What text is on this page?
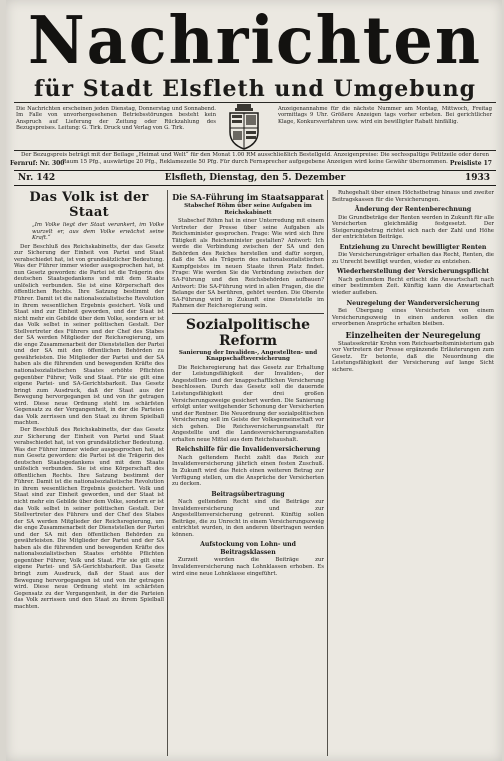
Nachrichten
für Stadt Elsfleth und Umgebung
Die Nachrichten erscheinen jeden Dienstag, Donnerstag und Sonnabend. Im Falle von unvorhergesehenen Betriebsstörungen besteht kein Anspruch auf Lieferung der Zeitung oder Rückzahlung des Bezugspreises. Leitung: G. Tirk. Druck und Verlag von G. Tirk.
Anzeigenannahme für die nächste Nummer am Montag, Mittwoch, Freitag vormittags 9 Uhr. Größere Anzeigen tags vorher erbeten. Bei gerichtlicher Klage, Konkursverfahren usw. wird ein bewilligter Rabatt hinfällig.
Der Bezugspreis beträgt mit der Beilage „Heimat und Welt“ für den Monat 1.00 RM ausschließlich Bestellgeld. Anzeigenpreise: Die sechsspaltige Petitzeile oder deren Raum 15 Pfg., auswärtige 20 Pfg., Reklamezeile 50 Pfg. Für durch Fernsprecher aufgegebene Anzeigen wird keine Gewähr übernommen.
Fernruf: Nr. 300	Preisliste 17
Nr. 142	Elsfleth, Dienstag, den 5. Dezember	1933
Das Volk ist der Staat
„Im Volke liegt der Staat verankert, im Volke wurzelt er, aus dem Volke erwächst seine Kraft.“

Der Beschluß des Reichskabinetts, der das Gesetz zur Sicherung der Einheit von Partei und Staat verabschiedet hat, ist von grundsätzlicher Bedeutung. Was der Führer immer wieder ausgesprochen hat, ist nun Gesetz geworden: die Partei ist die Trägerin des deutschen Staatsgedankens und mit dem Staate unlöslich verbunden. Sie ist eine Körperschaft des öffentlichen Rechts. Ihre Satzung bestimmt der Führer. Damit ist die nationalsozialistische Revolution in ihrem wesentlichen Ergebnis gesichert. Volk und Staat sind zur Einheit geworden, und der Staat ist nicht mehr ein Gebilde über dem Volke, sondern er ist das Volk selbst in seiner politischen Gestalt. Der Stellvertreter des Führers und der Chef des Stabes der SA werden Mitglieder der Reichsregierung, um die enge Zusammenarbeit der Dienststellen der Partei und der SA mit den öffentlichen Behörden zu gewährleisten. Die Mitglieder der Partei und der SA haben als die führenden und bewegenden Kräfte des nationalsozialistischen Staates erhöhte Pflichten gegenüber Führer, Volk und Staat. Für sie gilt eine eigene Partei- und SA-Gerichtsbarkeit. Das Gesetz bringt zum Ausdruck, daß der Staat aus der Bewegung hervorgegangen ist und von ihr getragen wird. Diese neue Ordnung steht im schärfsten Gegensatz zu der Vergangenheit, in der die Parteien das Volk zerrissen und den Staat zu ihrem Spielball machten.

Der Beschluß des Reichskabinetts, der das Gesetz zur Sicherung der Einheit von Partei und Staat verabschiedet hat, ist von grundsätzlicher Bedeutung. Was der Führer immer wieder ausgesprochen hat, ist nun Gesetz geworden: die Partei ist die Trägerin des deutschen Staatsgedankens und mit dem Staate unlöslich verbunden. Sie ist eine Körperschaft des öffentlichen Rechts. Ihre Satzung bestimmt der Führer. Damit ist die nationalsozialistische Revolution in ihrem wesentlichen Ergebnis gesichert. Volk und Staat sind zur Einheit geworden, und der Staat ist nicht mehr ein Gebilde über dem Volke, sondern er ist das Volk selbst in seiner politischen Gestalt. Der Stellvertreter des Führers und der Chef des Stabes der SA werden Mitglieder der Reichsregierung, um die enge Zusammenarbeit der Dienststellen der Partei und der SA mit den öffentlichen Behörden zu gewährleisten. Die Mitglieder der Partei und der SA haben als die führenden und bewegenden Kräfte des nationalsozialistischen Staates erhöhte Pflichten gegenüber Führer, Volk und Staat. Für sie gilt eine eigene Partei- und SA-Gerichtsbarkeit. Das Gesetz bringt zum Ausdruck, daß der Staat aus der Bewegung hervorgegangen ist und von ihr getragen wird. Diese neue Ordnung steht im schärfsten Gegensatz zu der Vergangenheit, in der die Parteien das Volk zerrissen und den Staat zu ihrem Spielball machten.

Die SA-Führung im Staatsapparat
Stabschef Röhm über seine Aufgaben im Reichskabinett

Stabschef Röhm hat in einer Unterredung mit einem Vertreter der Presse über seine Aufgaben als Reichsminister gesprochen. Frage: Wie wird sich Ihre Tätigkeit als Reichsminister gestalten? Antwort: Ich werde die Verbindung zwischen der SA und den Behörden des Reiches herstellen und dafür sorgen, daß die SA als Trägerin des nationalsozialistischen Kampfgeistes im neuen Staate ihren Platz findet. Frage: Wie werden Sie die Verbindung zwischen der SA-Führung und den Reichsbehörden aufbauen? Antwort: Die SA-Führung wird in allen Fragen, die die Belange der SA berühren, gehört werden. Die Oberste SA-Führung wird in Zukunft eine Dienststelle im Rahmen der Reichsregierung sein.

Sozialpolitische Reform
Sanierung der Invaliden-, Angestellten- und Knappschaftsversicherung

Die Reichsregierung hat das Gesetz zur Erhaltung der Leistungsfähigkeit der Invaliden-, der Angestellten- und der knappschaftlichen Versicherung beschlossen. Durch das Gesetz soll die dauernde Leistungsfähigkeit der drei großen Versicherungszweige gesichert werden. Die Sanierung erfolgt unter weitgehender Schonung der Versicherten und der Rentner. Die Neuordnung der sozialpolitischen Versicherung soll im Geiste der Volksgemeinschaft vor sich gehen. Die Reichsversicherungsanstalt für Angestellte und die Landesversicherungsanstalten erhalten neue Mittel aus dem Reichshaushalt.

Reichshilfe für die Invalidenversicherung

Nach geltendem Recht zahlt das Reich zur Invalidenversicherung jährlich einen festen Zuschuß. In Zukunft wird das Reich einen weiteren Betrag zur Verfügung stellen, um die Ansprüche der Versicherten zu decken.

Beitragsübertragung

Nach geltendem Recht sind die Beiträge zur Invalidenversicherung und zur Angestelltenversicherung getrennt. Künftig sollen Beiträge, die zu Unrecht in einem Versicherungszweig entrichtet wurden, in den anderen übertragen werden können.

Aufstockung von Lohn- und Beitragsklassen

Zurzeit werden die Beiträge zur Invalidenversicherung nach Lohnklassen erhoben. Es wird eine neue Lohnklasse eingeführt.

Ruhegehalt über einen Höchstbetrag hinaus und zweiter Beitragskassen für die Versicherungen.

Änderung der Rentenberechnung

Die Grundbeträge der Renten werden in Zukunft für alle Versicherten gleichmäßig festgesetzt. Der Steigerungsbetrag richtet sich nach der Zahl und Höhe der entrichteten Beiträge.

Entziehung zu Unrecht bewilligter Renten

Die Versicherungsträger erhalten das Recht, Renten, die zu Unrecht bewilligt wurden, wieder zu entziehen.

Wiederherstellung der Versicherungspflicht

Nach geltendem Recht erlischt die Anwartschaft nach einer bestimmten Zeit. Künftig kann die Anwartschaft wieder aufleben.

Neuregelung der Wanderversicherung

Bei Übergang eines Versicherten von einem Versicherungszweig in einen anderen sollen die erworbenen Ansprüche erhalten bleiben.

Einzelheiten der Neuregelung

Staatssekretär Krohn vom Reichsarbeitsministerium gab vor Vertretern der Presse ergänzende Erläuterungen zum Gesetz. Er betonte, daß die Neuordnung die Leistungsfähigkeit der Versicherung auf lange Sicht sichere.
